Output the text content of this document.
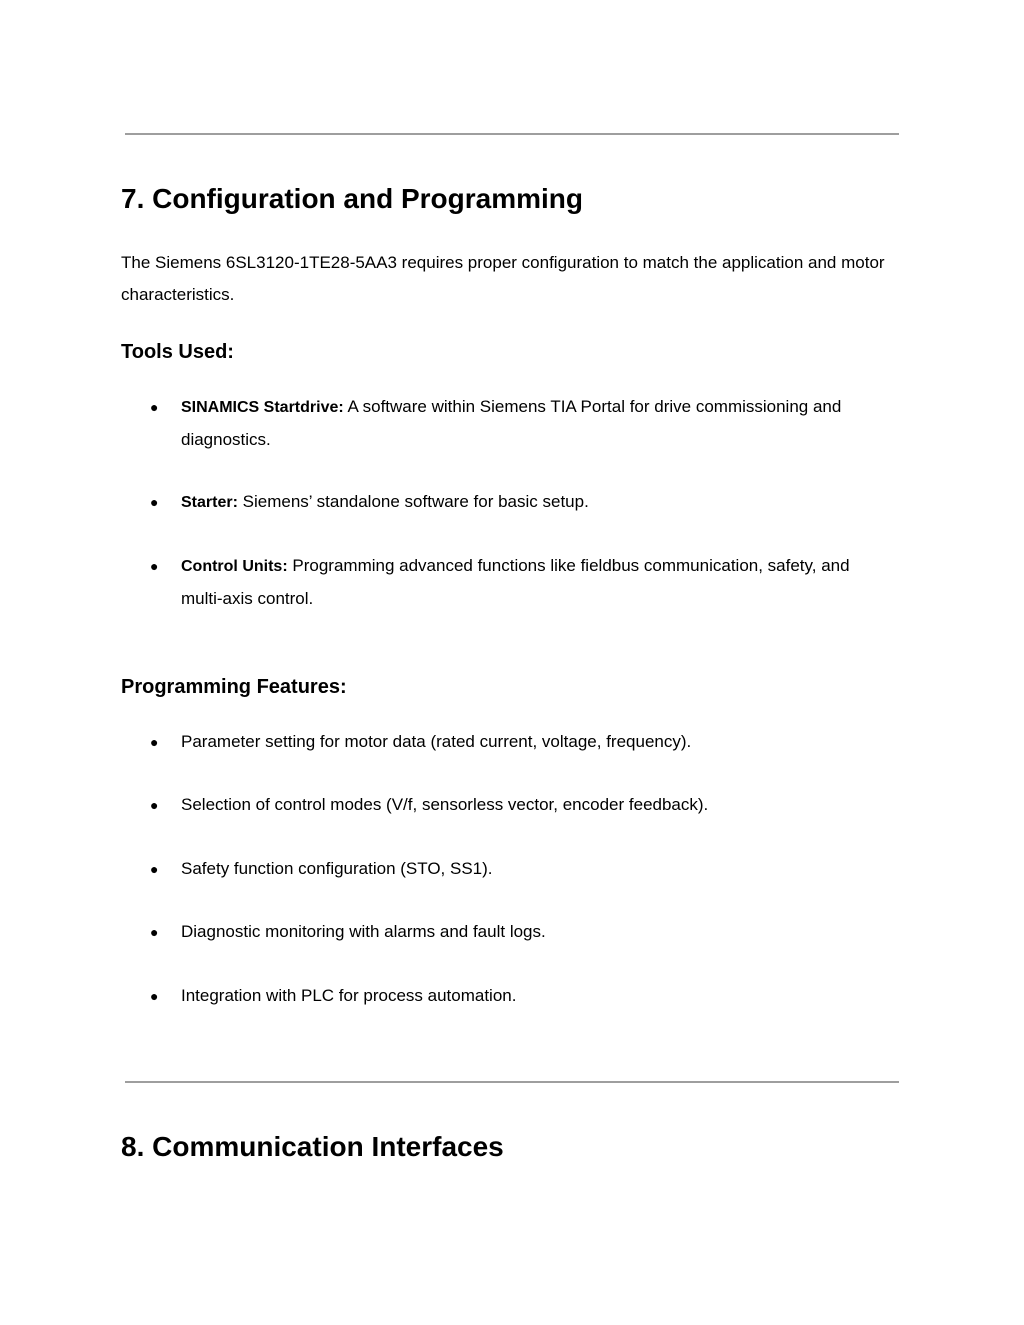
7. Configuration and Programming

The Siemens 6SL3120-1TE28-5AA3 requires proper configuration to match the application and motor characteristics.

Tools Used:
● SINAMICS Startdrive: A software within Siemens TIA Portal for drive commissioning and diagnostics.
● Starter: Siemens’ standalone software for basic setup.
● Control Units: Programming advanced functions like fieldbus communication, safety, and multi-axis control.
Programming Features:
● Parameter setting for motor data (rated current, voltage, frequency).
● Selection of control modes (V/f, sensorless vector, encoder feedback).
● Safety function configuration (STO, SS1).
● Diagnostic monitoring with alarms and fault logs.
● Integration with PLC for process automation.
8. Communication Interfaces
